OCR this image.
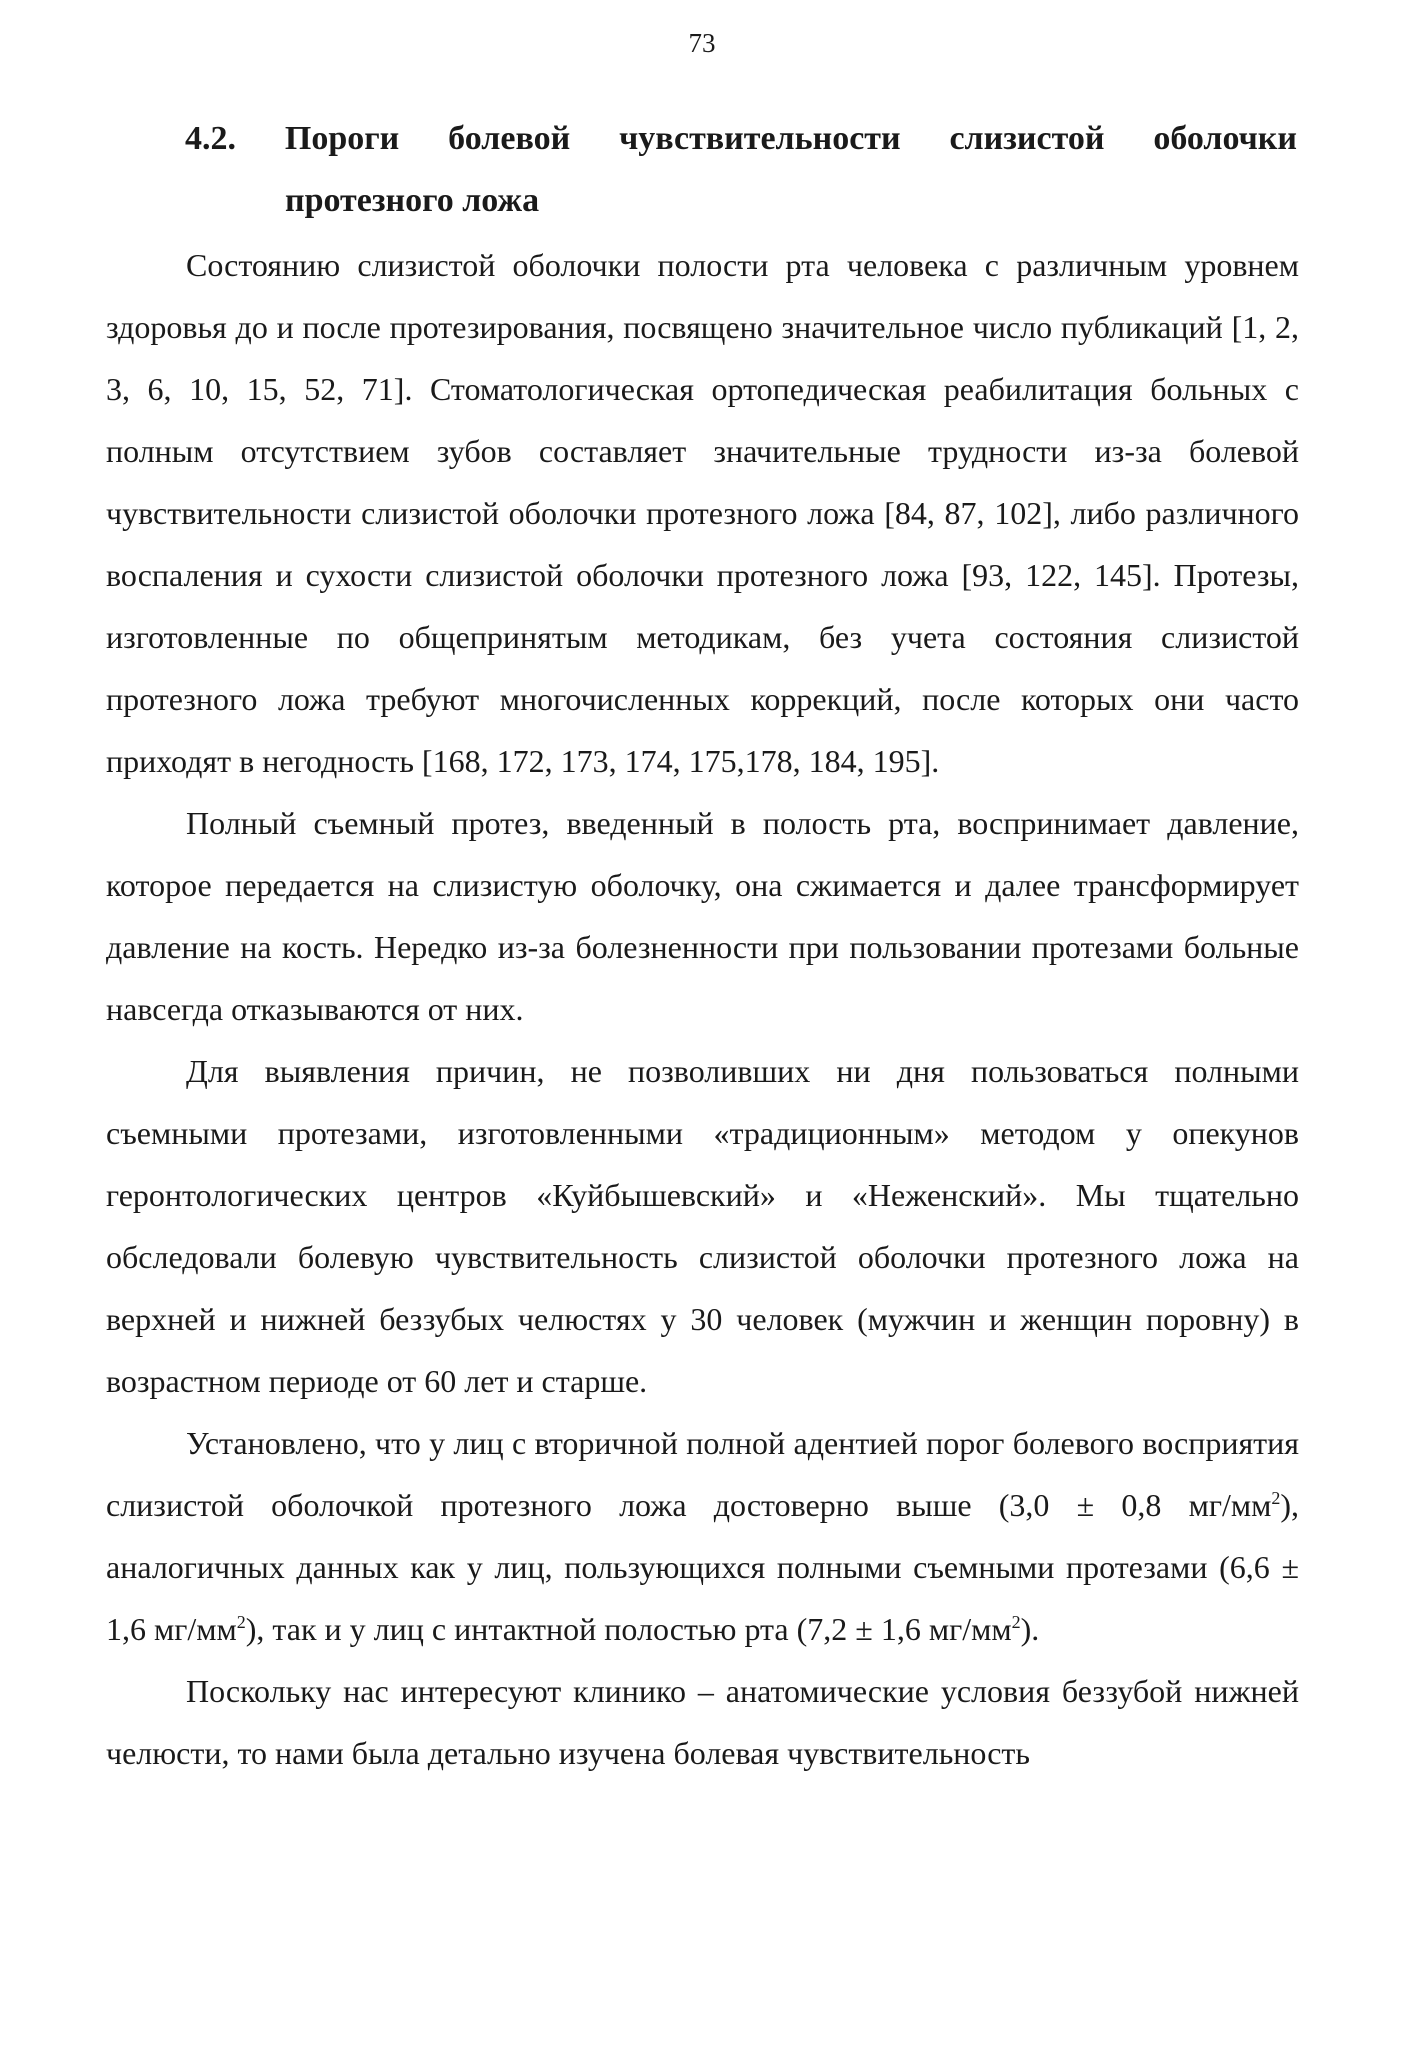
73
4.2. Пороги болевой чувствительности слизистой оболочки
протезного ложа

Состоянию слизистой оболочки полости рта человека с различным уровнем здоровья до и после протезирования, посвящено значительное число публикаций [1, 2, 3, 6, 10, 15, 52, 71]. Стоматологическая ортопедическая реабилитация больных с полным отсутствием зубов составляет значительные трудности из-за болевой чувствительности слизистой оболочки протезного ложа [84, 87, 102], либо различного воспаления и сухости слизистой оболочки протезного ложа [93, 122, 145]. Протезы, изготовленные по общепринятым методикам, без учета состояния слизистой протезного ложа требуют многочисленных коррекций, после которых они часто приходят в негодность [168, 172, 173, 174, 175,178, 184, 195].

Полный съемный протез, введенный в полость рта, воспринимает давление, которое передается на слизистую оболочку, она сжимается и далее трансформирует давление на кость. Нередко из-за болезненности при пользовании протезами больные навсегда отказываются от них.

Для выявления причин, не позволивших ни дня пользоваться полными съемными протезами, изготовленными «традиционным» методом у опекунов геронтологических центров «Куйбышевский» и «Неженский». Мы тщательно обследовали болевую чувствительность слизистой оболочки протезного ложа на верхней и нижней беззубых челюстях у 30 человек (мужчин и женщин поровну) в возрастном периоде от 60 лет и старше.

Установлено, что у лиц с вторичной полной адентией порог болевого восприятия слизистой оболочкой протезного ложа достоверно выше (3,0 ± 0,8 $мг/мм^2$), аналогичных данных как у лиц, пользующихся полными съемными протезами (6,6 ± 1,6 $мг/мм^2$), так и у лиц с интактной полостью рта (7,2 ± 1,6 $мг/мм^2$).

Поскольку нас интересуют клинико – анатомические условия беззубой нижней челюсти, то нами была детально изучена болевая чувствительность
